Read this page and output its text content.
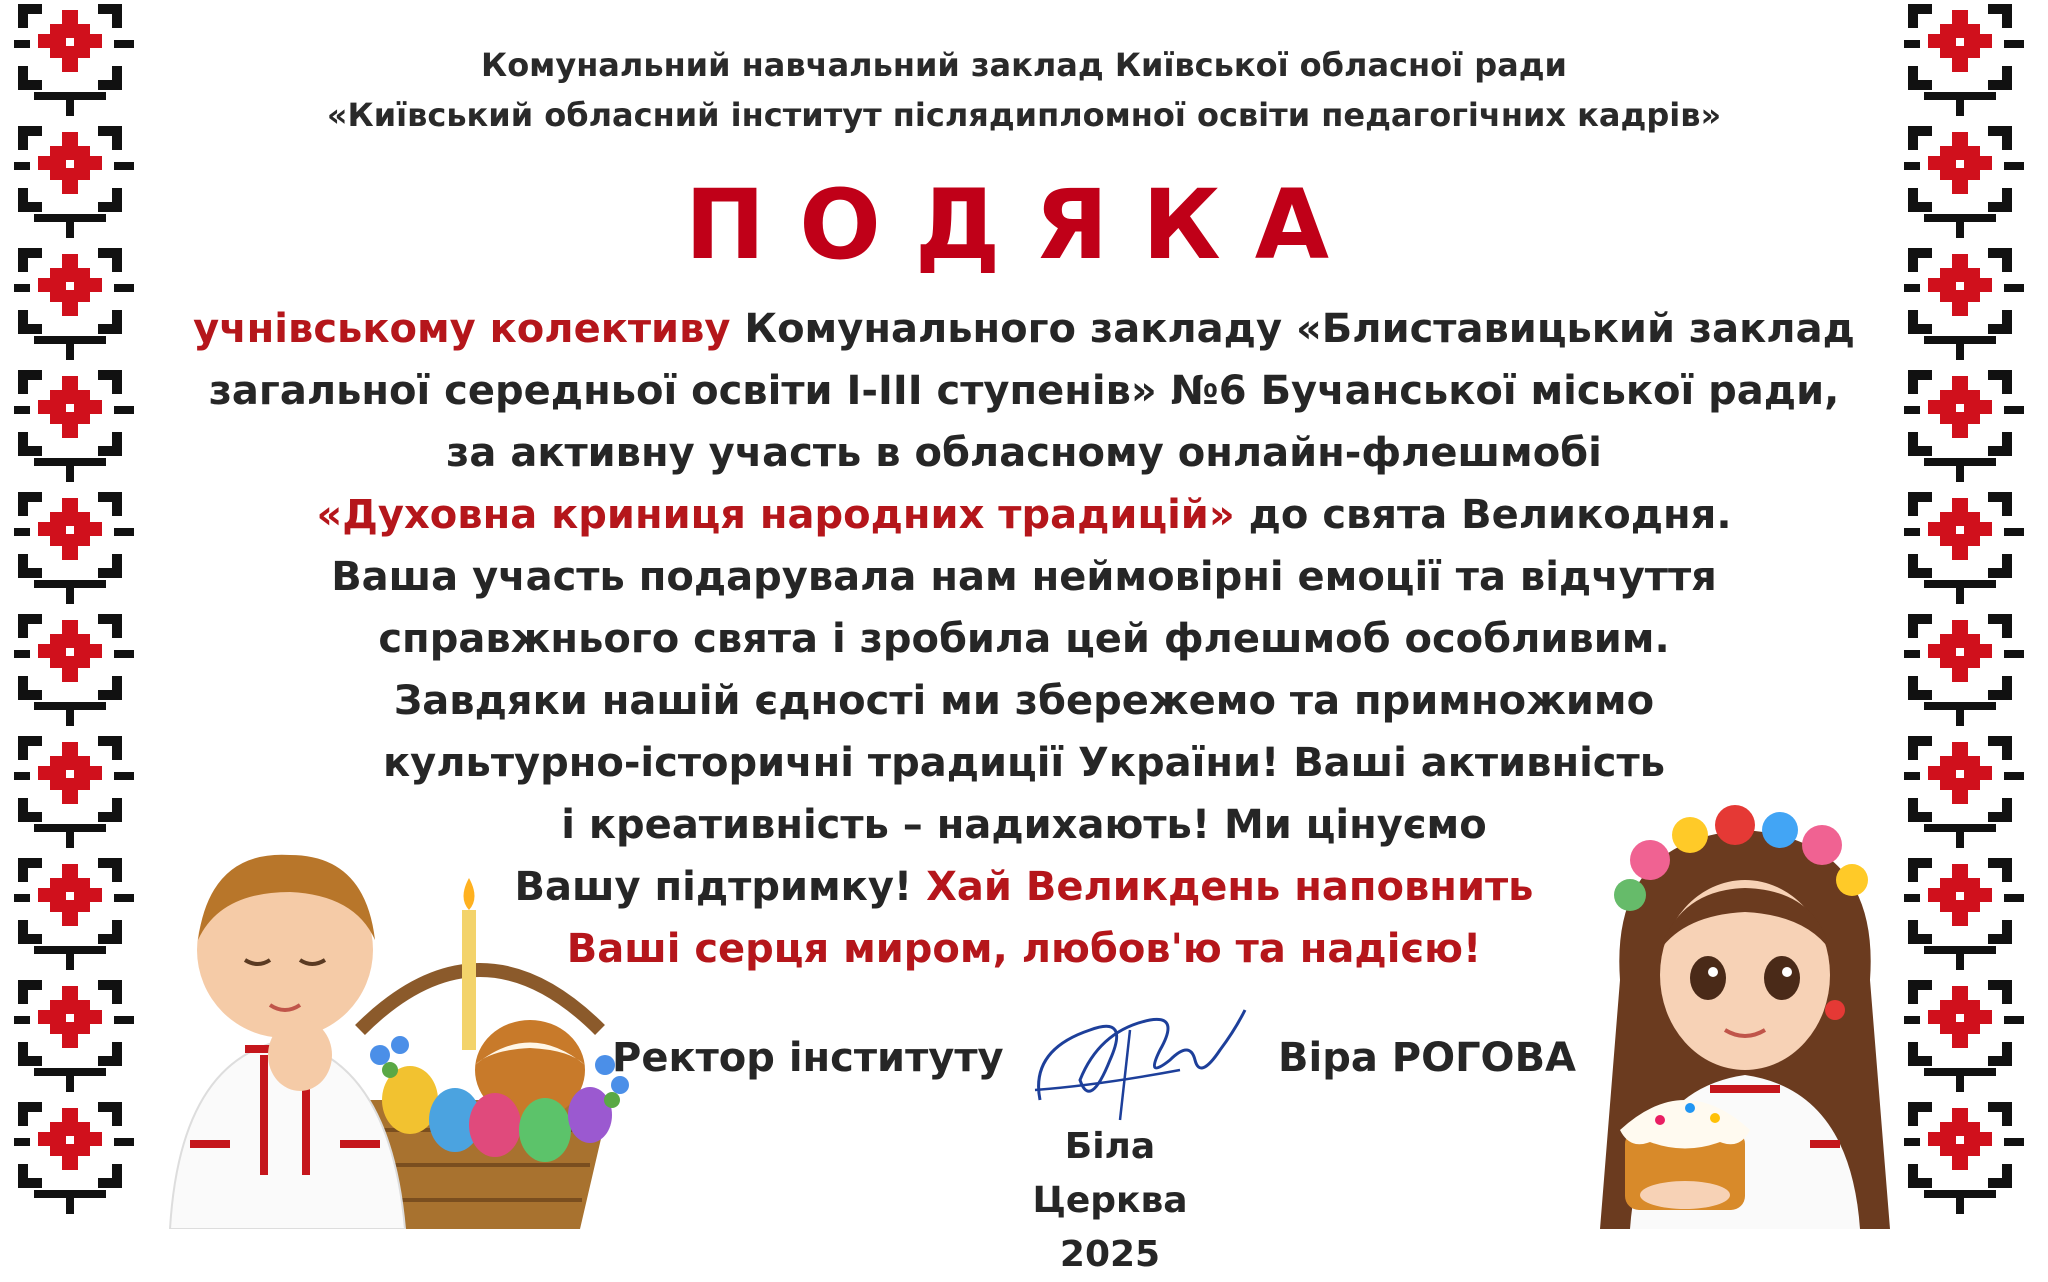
Комунальний навчальний заклад Київської обласної ради
«Київський обласний інститут післядипломної освіти педагогічних кадрів»
ПОДЯКА
учнівському колективу Комунального закладу «Блиставицький заклад
загальної середньої освіти І-ІІІ ступенів» №6 Бучанської міської ради,
за активну участь в обласному онлайн-флешмобі
«Духовна криниця народних традицій» до свята Великодня.
Ваша участь подарувала нам неймовірні емоції та відчуття
справжнього свята і зробила цей флешмоб особливим.
Завдяки нашій єдності ми збережемо та примножимо
культурно-історичні традиції України! Ваші активність
і креативність – надихають! Ми цінуємо
Вашу підтримку! Хай Великдень наповнить
Ваші серця миром, любов'ю та надією!
Ректор інституту	Віра РОГОВА
Біла Церква
2025
